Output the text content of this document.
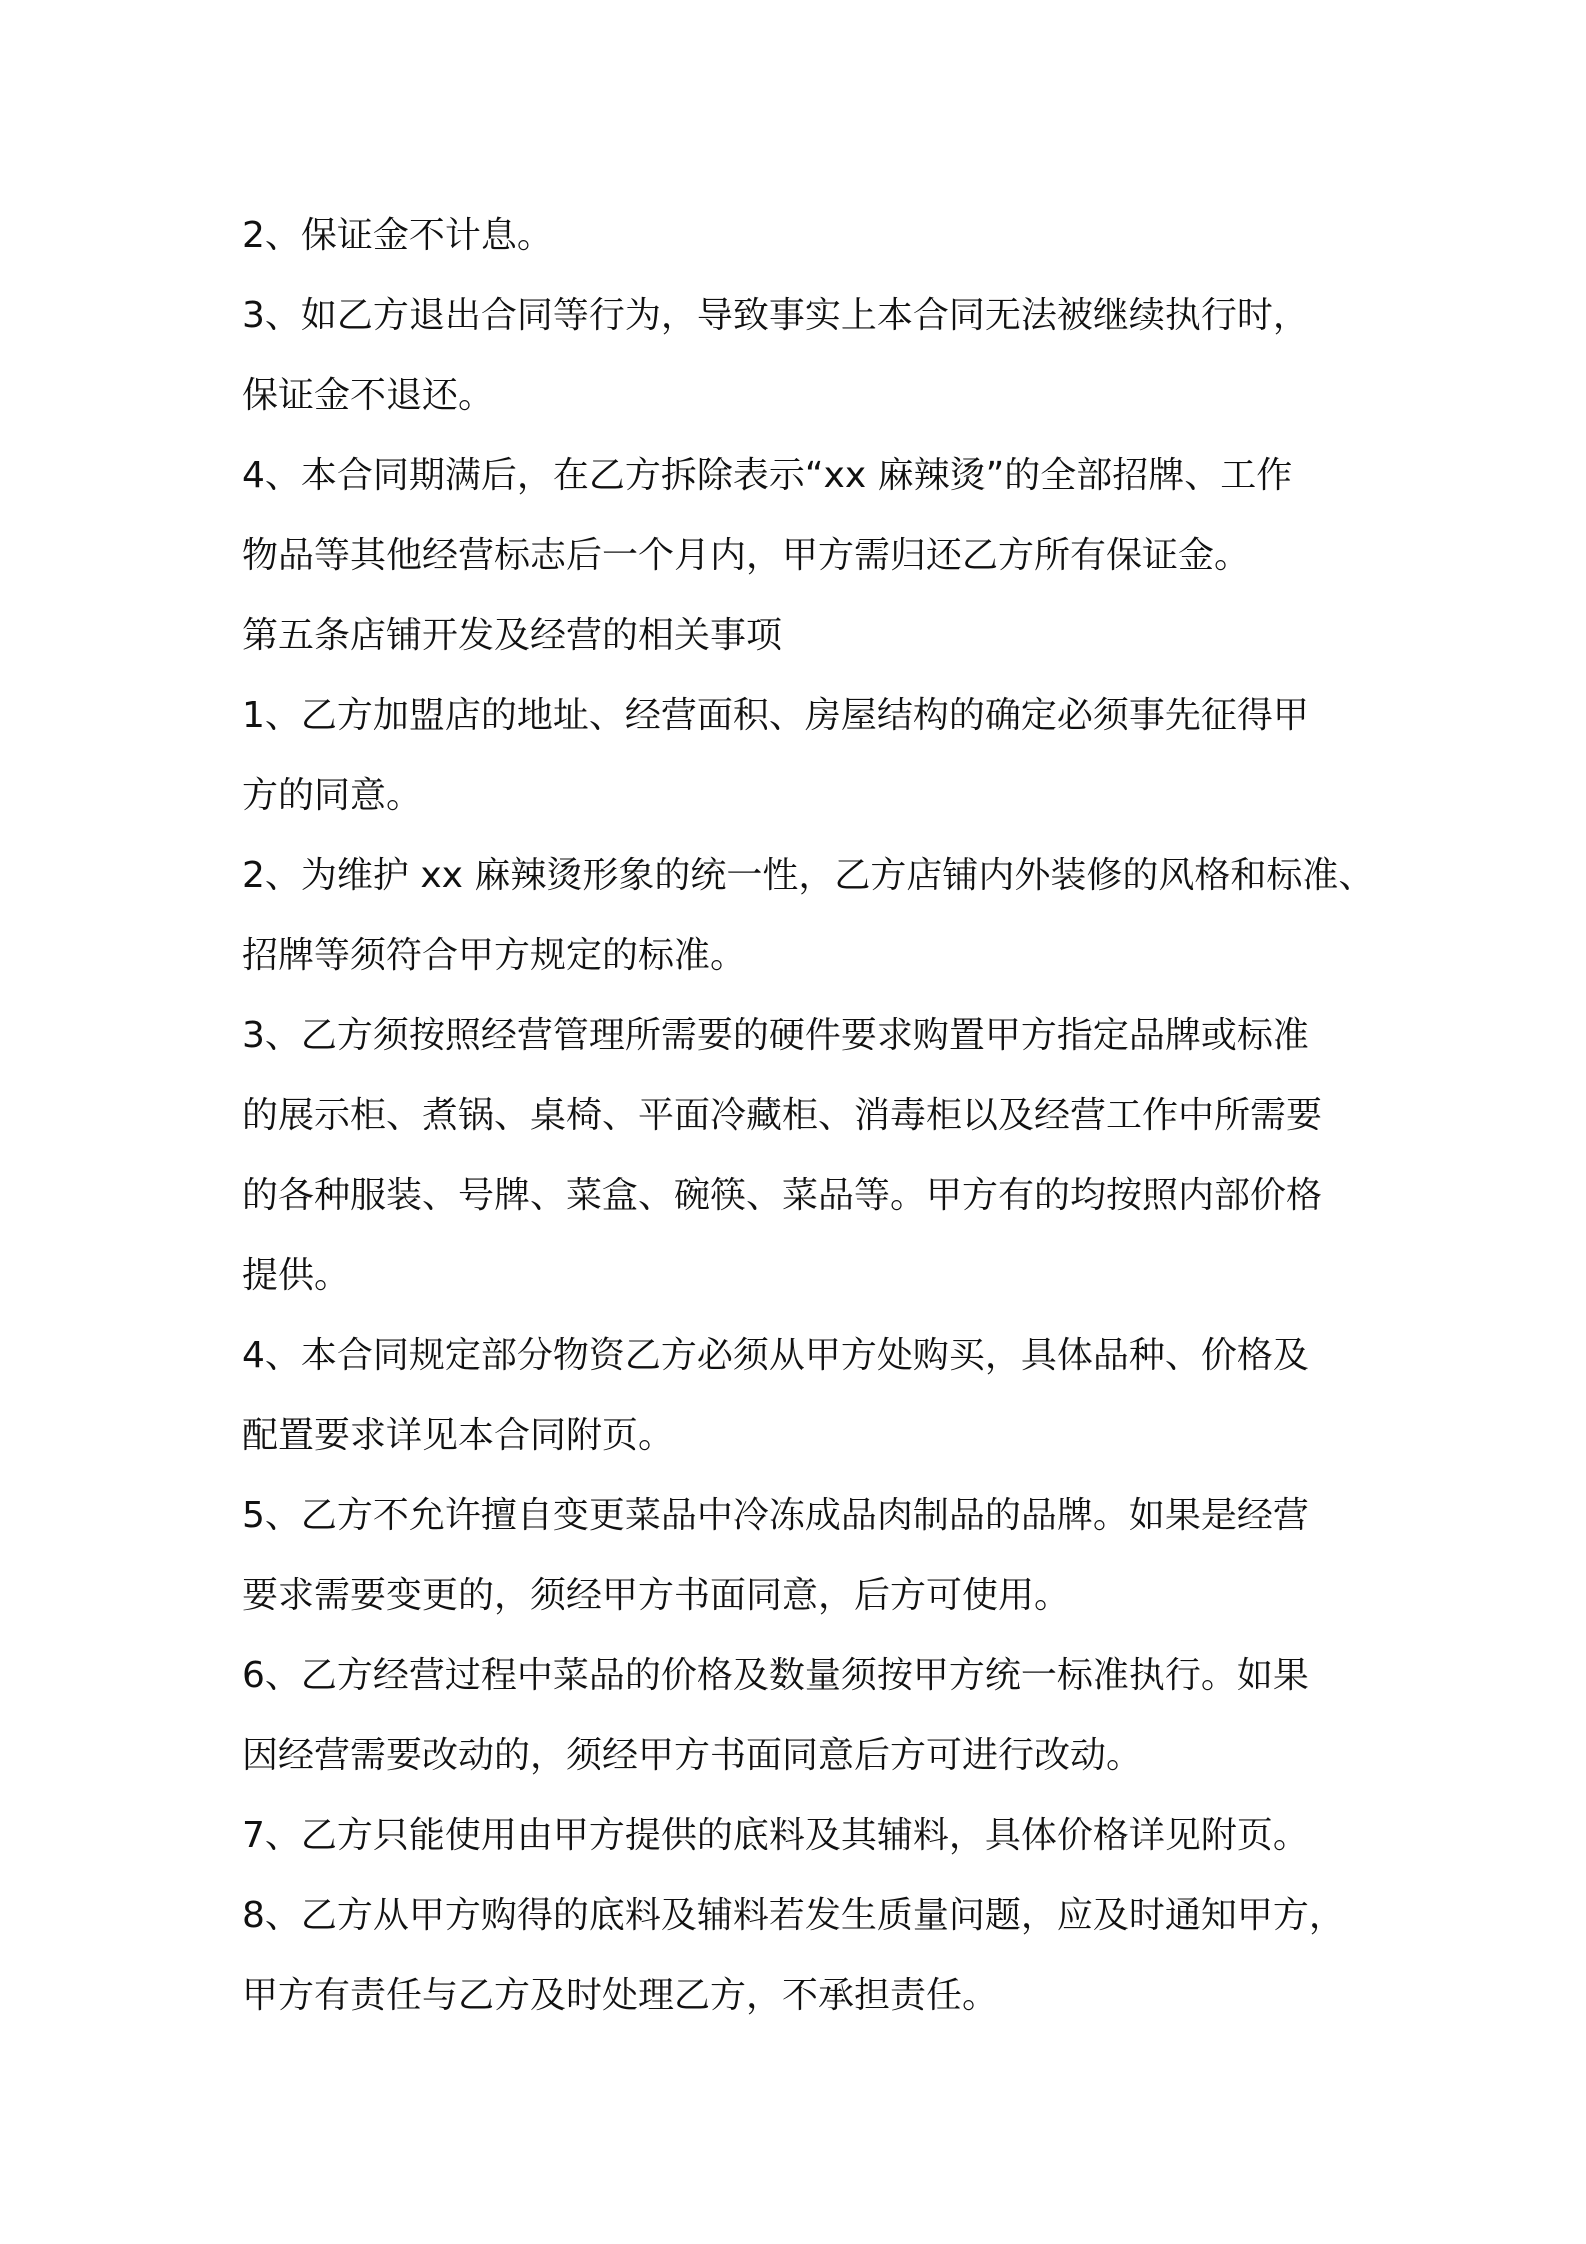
2、保证金不计息。
3、如乙方退出合同等行为，导致事实上本合同无法被继续执行时，
保证金不退还。
4、本合同期满后，在乙方拆除表示“xx 麻辣烫”的全部招牌、工作
物品等其他经营标志后一个月内，甲方需归还乙方所有保证金。
第五条店铺开发及经营的相关事项
1、乙方加盟店的地址、经营面积、房屋结构的确定必须事先征得甲
方的同意。
2、为维护 xx 麻辣烫形象的统一性，乙方店铺内外装修的风格和标准、
招牌等须符合甲方规定的标准。
3、乙方须按照经营管理所需要的硬件要求购置甲方指定品牌或标准
的展示柜、煮锅、桌椅、平面冷藏柜、消毒柜以及经营工作中所需要
的各种服装、号牌、菜盒、碗筷、菜品等。甲方有的均按照内部价格
提供。
4、本合同规定部分物资乙方必须从甲方处购买，具体品种、价格及
配置要求详见本合同附页。
5、乙方不允许擅自变更菜品中冷冻成品肉制品的品牌。如果是经营
要求需要变更的，须经甲方书面同意，后方可使用。
6、乙方经营过程中菜品的价格及数量须按甲方统一标准执行。如果
因经营需要改动的，须经甲方书面同意后方可进行改动。
7、乙方只能使用由甲方提供的底料及其辅料，具体价格详见附页。
8、乙方从甲方购得的底料及辅料若发生质量问题，应及时通知甲方，
甲方有责任与乙方及时处理乙方，不承担责任。
